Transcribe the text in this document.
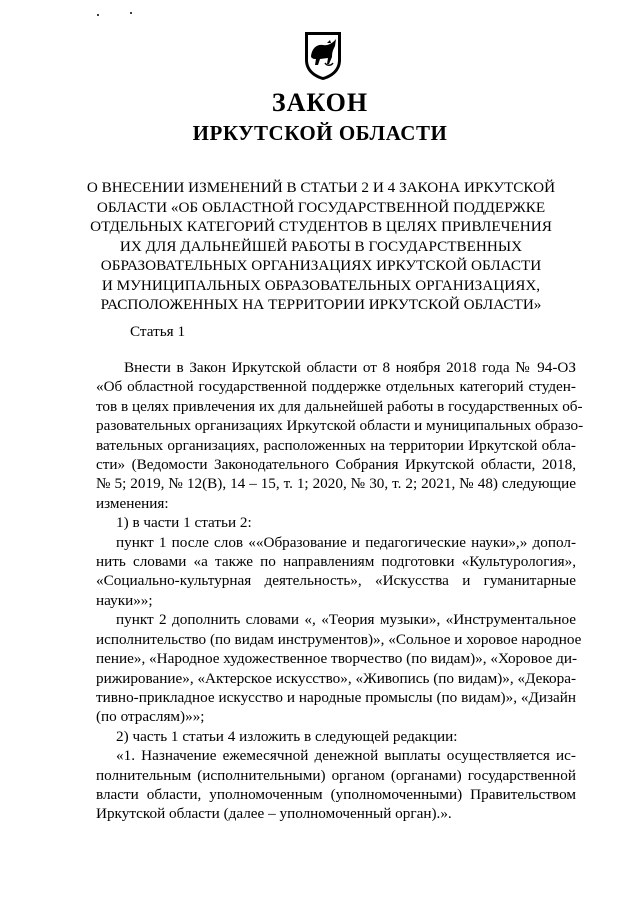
ЗАКОН
ИРКУТСКОЙ ОБЛАСТИ

О ВНЕСЕНИИ ИЗМЕНЕНИЙ В СТАТЬИ 2 И 4 ЗАКОНА ИРКУТСКОЙ
ОБЛАСТИ «ОБ ОБЛАСТНОЙ ГОСУДАРСТВЕННОЙ ПОДДЕРЖКЕ
ОТДЕЛЬНЫХ КАТЕГОРИЙ СТУДЕНТОВ В ЦЕЛЯХ ПРИВЛЕЧЕНИЯ
ИХ ДЛЯ ДАЛЬНЕЙШЕЙ РАБОТЫ В ГОСУДАРСТВЕННЫХ
ОБРАЗОВАТЕЛЬНЫХ ОРГАНИЗАЦИЯХ ИРКУТСКОЙ ОБЛАСТИ
И МУНИЦИПАЛЬНЫХ ОБРАЗОВАТЕЛЬНЫХ ОРГАНИЗАЦИЯХ,
РАСПОЛОЖЕННЫХ НА ТЕРРИТОРИИ ИРКУТСКОЙ ОБЛАСТИ»

Статья 1

Внести в Закон Иркутской области от 8 ноября 2018 года № 94-ОЗ
«Об областной государственной поддержке отдельных категорий студен-
тов в целях привлечения их для дальнейшей работы в государственных об-
разовательных организациях Иркутской области и муниципальных образо-
вательных организациях, расположенных на территории Иркутской обла-
сти» (Ведомости Законодательного Собрания Иркутской области, 2018,
№ 5; 2019, № 12(В), 14 – 15, т. 1; 2020, № 30, т. 2; 2021, № 48) следующие
изменения:
1) в части 1 статьи 2:
пункт 1 после слов ««Образование и педагогические науки»,» допол-
нить словами «а также по направлениям подготовки «Культурология»,
«Социально-культурная деятельность», «Искусства и гуманитарные
науки»»;
пункт 2 дополнить словами «, «Теория музыки», «Инструментальное
исполнительство (по видам инструментов)», «Сольное и хоровое народное
пение», «Народное художественное творчество (по видам)», «Хоровое ди-
рижирование», «Актерское искусство», «Живопись (по видам)», «Декора-
тивно-прикладное искусство и народные промыслы (по видам)», «Дизайн
(по отраслям)»»;
2) часть 1 статьи 4 изложить в следующей редакции:
«1. Назначение ежемесячной денежной выплаты осуществляется ис-
полнительным (исполнительными) органом (органами) государственной
власти области, уполномоченным (уполномоченными) Правительством
Иркутской области (далее – уполномоченный орган).».
